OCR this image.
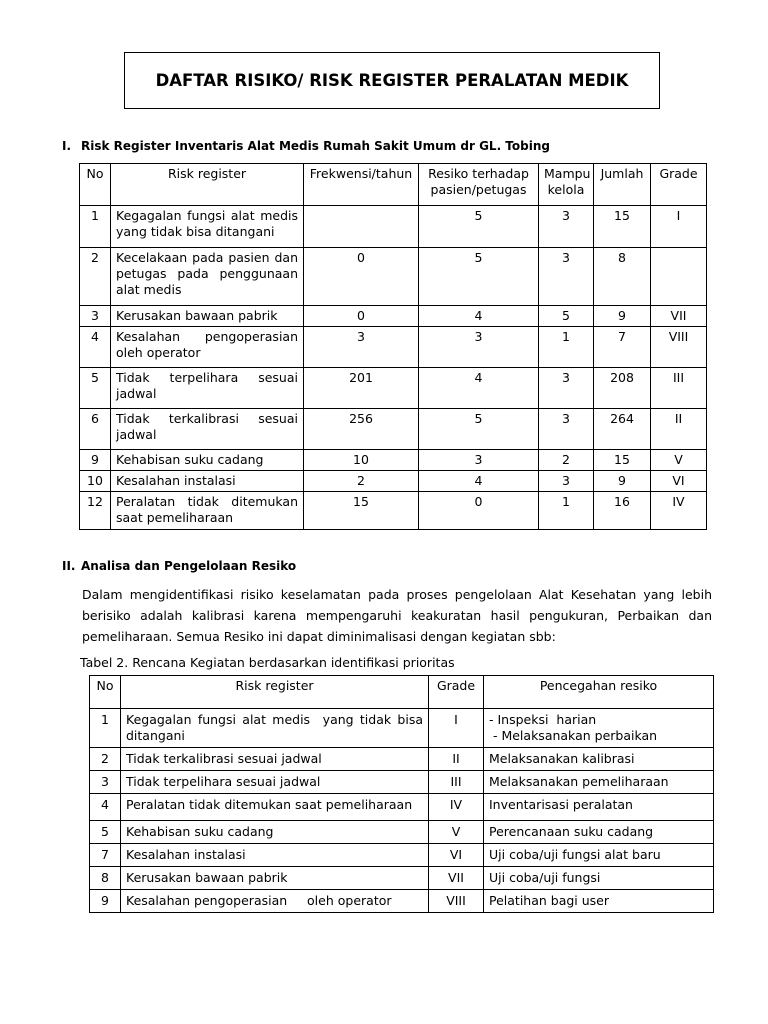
DAFTAR RISIKO/ RISK REGISTER PERALATAN MEDIK
I. Risk Register Inventaris Alat Medis Rumah Sakit Umum dr GL. Tobing
No	Risk register	Frekwensi/tahun	Resiko terhadap pasien/petugas	Mampu kelola	Jumlah	Grade
1	Kegagalan fungsi alat medis
yang tidak bisa ditangani		5	3	15	I
2	Kecelakaan pada pasien dan
petugas pada penggunaan
alat medis	0	5	3	8	
3	Kerusakan bawaan pabrik	0	4	5	9	VII
4	Kesalahan pengoperasian
oleh operator	3	3	1	7	VIII
5	Tidak terpelihara sesuai
jadwal	201	4	3	208	III
6	Tidak terkalibrasi sesuai
jadwal	256	5	3	264	II
9	Kehabisan suku cadang	10	3	2	15	V
10	Kesalahan instalasi	2	4	3	9	VI
12	Peralatan tidak ditemukan
saat pemeliharaan	15	0	1	16	IV
II. Analisa dan Pengelolaan Resiko
Dalam mengidentifikasi risiko keselamatan pada proses pengelolaan Alat Kesehatan yang lebih berisiko adalah kalibrasi karena mempengaruhi keakuratan hasil pengukuran, Perbaikan dan pemeliharaan. Semua Resiko ini dapat diminimalisasi dengan kegiatan sbb:
Tabel 2. Rencana Kegiatan berdasarkan identifikasi prioritas
No	Risk register	Grade	Pencegahan resiko
1	Kegagalan fungsi alat medis  yang tidak bisa ditangani	I	- Inspeksi  harian
- Melaksanakan perbaikan

2	Tidak terkalibrasi sesuai jadwal	II	Melaksanakan kalibrasi

3	Tidak terpelihara sesuai jadwal	III	Melaksanakan pemeliharaan

4	Peralatan tidak ditemukan saat pemeliharaan	IV	Inventarisasi peralatan

5	Kehabisan suku cadang	V	Perencanaan suku cadang

7	Kesalahan instalasi	VI	Uji coba/uji fungsi alat baru

8	Kerusakan bawaan pabrik	VII	Uji coba/uji fungsi

9	Kesalahan pengoperasian     oleh operator	VIII	Pelatihan bagi user
